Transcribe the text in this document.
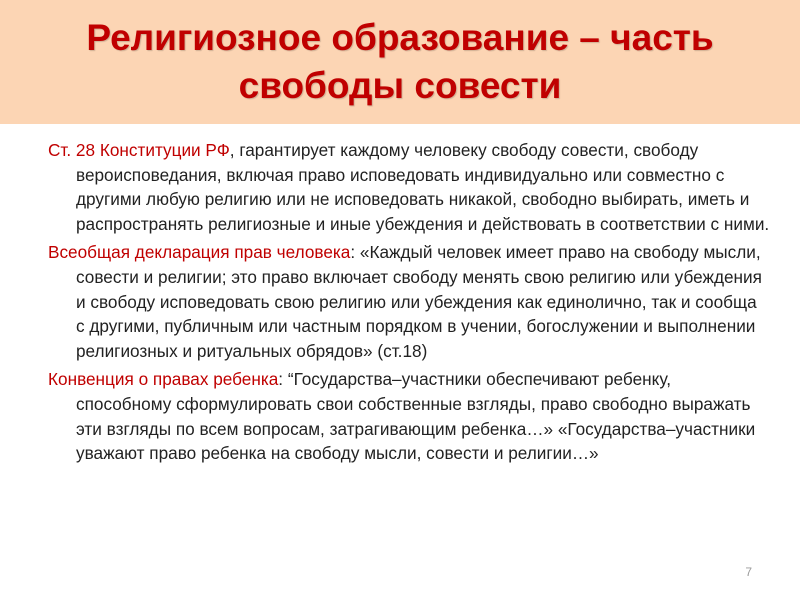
Религиозное образование – часть
свободы совести

Ст. 28 Конституции РФ, гарантирует каждому человеку свободу совести, свободу вероисповедания, включая право исповедовать индивидуально или совместно с другими любую религию или не исповедовать никакой, свободно выбирать, иметь и распространять религиозные и иные убеждения и действовать в соответствии с ними.

Всеобщая декларация прав человека: «Каждый человек имеет право на свободу мысли, совести и религии; это право включает свободу менять свою религию или убеждения и свободу исповедовать свою религию или убеждения как единолично, так и сообща с другими, публичным или частным порядком в учении, богослужении и выполнении религиозных и ритуальных обрядов» (ст.18)

Конвенция о правах ребенка: “Государства–участники обеспечивают ребенку, способному сформулировать свои собственные взгляды, право свободно выражать эти взгляды по всем вопросам, затрагивающим ребенка…» «Государства–участники уважают право ребенка на свободу мысли, совести и религии…»

7
